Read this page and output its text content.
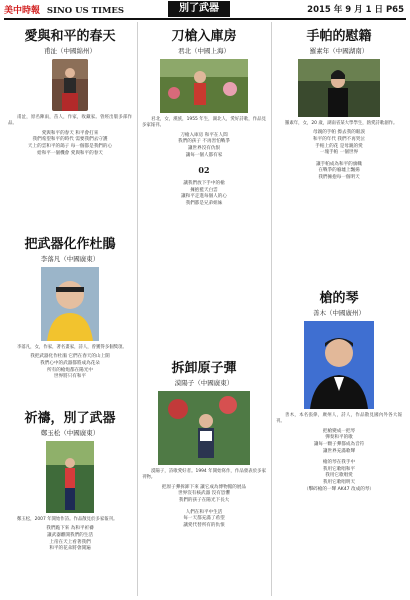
美中時報 SINO US TIMES	別了武器	2015 年 9 月 1 日 P65
愛與和平的春天
甫沚（中國綿州）

甫沚，原名陳雨，苗人，作家，收藏家。曾經出版多部作品。

愛與和平的春天 和平會打來
我們希望和平的時代 需要我們去守護
天上的雲和平的鴿子 每一個都是我們的心
給和平一個機會 愛與和平的春天
把武器化作杜鵑
李落凡（中國廣東）

李落凡，女，作家，著名畫家，詩人，曾獲得多個獎項。

我把武器化作杜鵑 它們在春天的山上開
我們心中的武器都將成為花朵
所有的槍炮都在陽光中
世界將只有和平
祈禱，別了武器
鄭玉松（中國廣東）

鄭玉松，2007 年開始作詩。作品散見於多家報刊。

我們跪下來 為和平祈禱
讓武器離開我們的生活
上帝在天上看著我們
和平的花朵將會開遍
刀槍入庫房
君北（中國上海）

君北，女，漢族，1955 年生，湖北人，愛好詩歌，作品見多家報刊。

刀槍入庫房 和平在人間
我們的孩子 不再害怕戰爭
讓世界沒有仇恨
讓每一個人都有家
02
讓我們放下手中的槍
擁抱藍天白雲
讓和平走進每個人的心
我們都是兄弟姐妹
拆卸原子彈
漠陽子（中國廣東）

漠陽子，詩歌愛好者。1994 年開始寫作，作品發表於多家刊物。

把原子彈拆卸下來 讓它成為博物館的展品
世界沒有核武器 沒有恐懼
我們的孩子在陽光下長大
人們在和平中生活
每一天都充滿了希望
讓愛代替所有的仇恨
手帕的慰籍
羅素年（中國湖南）

羅素年，女，20 歲，湖南省某大學學生，熱愛詩歌創作。

母親的手帕 擦去我的眼淚
和平的年代 我們不再哭泣
手帕上的花 是母親的愛
一塊手帕 一個世界
讓手帕成為和平的旗幟
在戰爭的廢墟上飄揚
我們擁抱每一個明天
槍的琴
善木（中國廣州）

善木，本名張偉，廣州人，詩人，作品散見國內外各大報刊。

把槍變成一把琴
彈奏和平的歌
讓每一顆子彈都成為音符
讓世界充滿歌聲
槍的琴在我手中
我用它歌唱和平
我用它歌唱愛
我用它歌唱明天
（擊碎槍的一聲 AK47 改成的琴）
